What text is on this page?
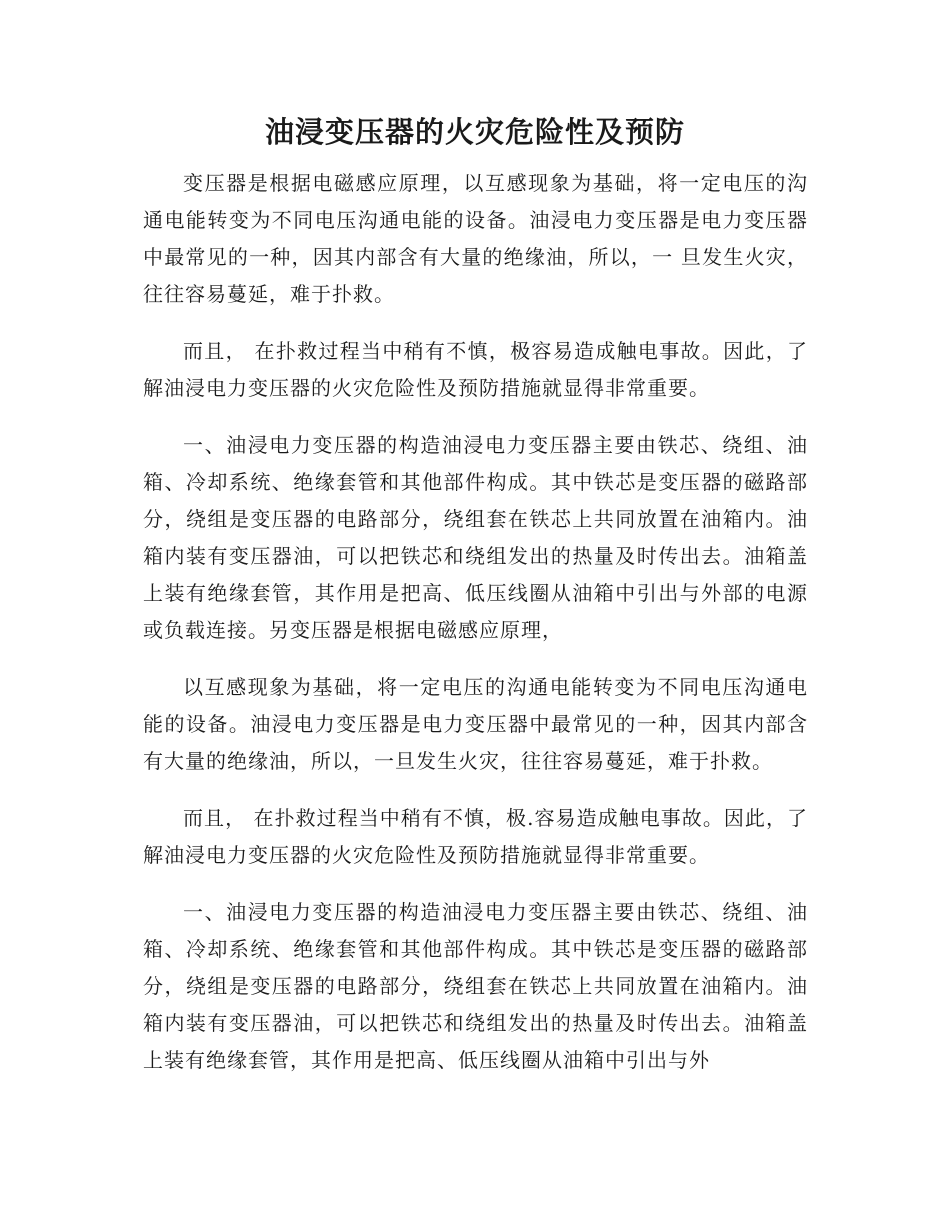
油浸变压器的火灾危险性及预防

变压器是根据电磁感应原理，以互感现象为基础，将一定电压的沟通电能转变为不同电压沟通电能的设备。油浸电力变压器是电力变压器中最常见的一种，因其内部含有大量的绝缘油，所以，一 旦发生火灾，往往容易蔓延，难于扑救。

而且， 在扑救过程当中稍有不慎，极容易造成触电事故。因此，了解油浸电力变压器的火灾危险性及预防措施就显得非常重要。

一、油浸电力变压器的构造油浸电力变压器主要由铁芯、绕组、油箱、冷却系统、绝缘套管和其他部件构成。其中铁芯是变压器的磁路部分，绕组是变压器的电路部分，绕组套在铁芯上共同放置在油箱内。油箱内装有变压器油，可以把铁芯和绕组发出的热量及时传出去。油箱盖上装有绝缘套管，其作用是把高、低压线圈从油箱中引出与外部的电源或负载连接。另变压器是根据电磁感应原理，

以互感现象为基础，将一定电压的沟通电能转变为不同电压沟通电能的设备。油浸电力变压器是电力变压器中最常见的一种，因其内部含有大量的绝缘油，所以，一旦发生火灾，往往容易蔓延，难于扑救。

而且， 在扑救过程当中稍有不慎，极.容易造成触电事故。因此，了解油浸电力变压器的火灾危险性及预防措施就显得非常重要。

一、油浸电力变压器的构造油浸电力变压器主要由铁芯、绕组、油箱、冷却系统、绝缘套管和其他部件构成。其中铁芯是变压器的磁路部分，绕组是变压器的电路部分，绕组套在铁芯上共同放置在油箱内。油箱内装有变压器油，可以把铁芯和绕组发出的热量及时传出去。油箱盖上装有绝缘套管，其作用是把高、低压线圈从油箱中引出与外
